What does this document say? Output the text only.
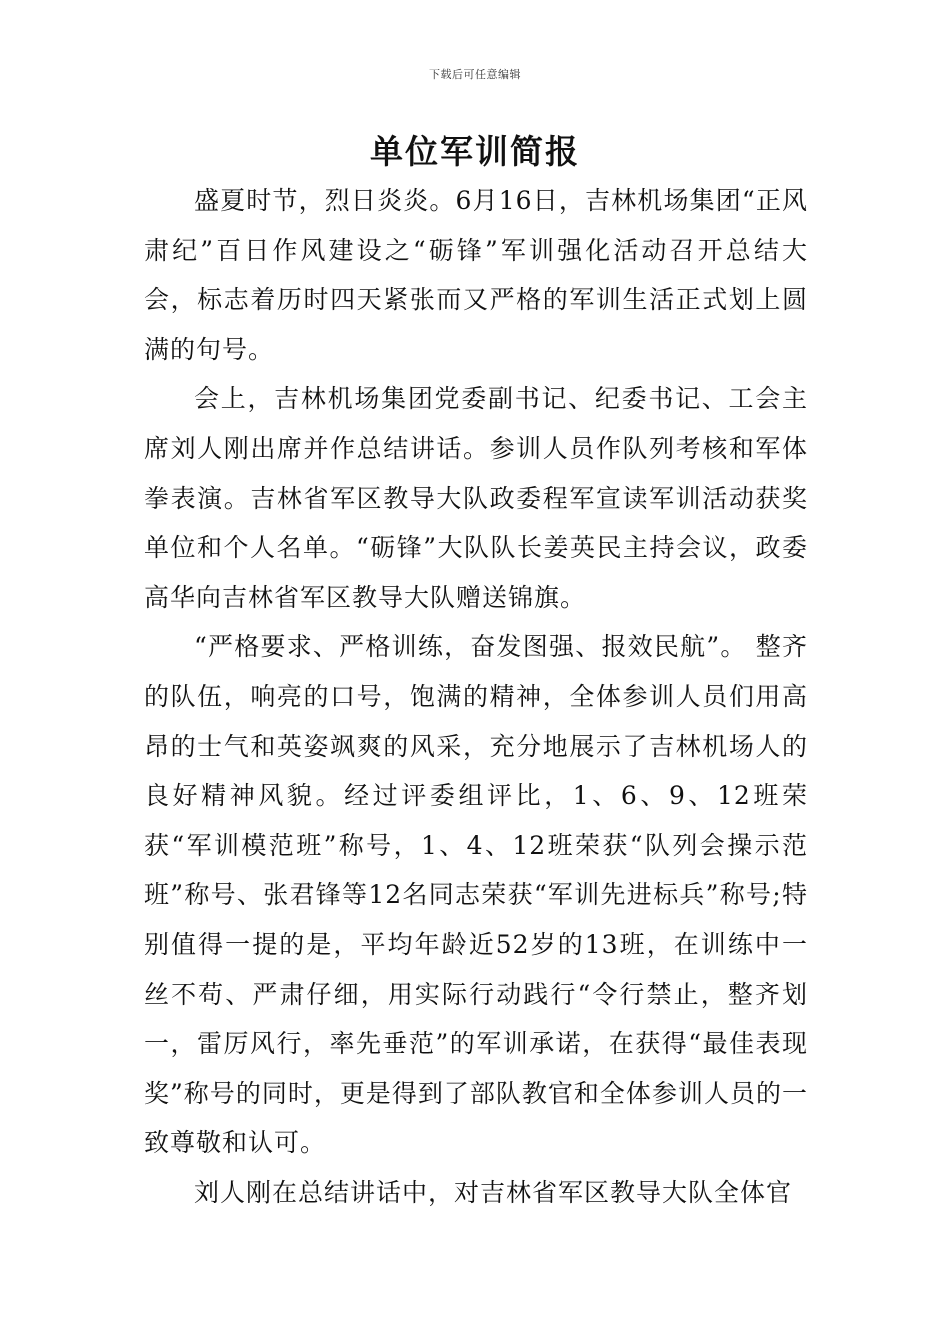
下载后可任意编辑
单位军训简报

盛夏时节，烈日炎炎。6月16日，吉林机场集团“正风肃纪”百日作风建设之“砺锋”军训强化活动召开总结大会，标志着历时四天紧张而又严格的军训生活正式划上圆满的句号。

会上，吉林机场集团党委副书记、纪委书记、工会主席刘人刚出席并作总结讲话。参训人员作队列考核和军体拳表演。吉林省军区教导大队政委程军宣读军训活动获奖单位和个人名单。“砺锋”大队队长姜英民主持会议，政委高华向吉林省军区教导大队赠送锦旗。

“严格要求、严格训练，奋发图强、报效民航”。 整齐的队伍，响亮的口号，饱满的精神，全体参训人员们用高昂的士气和英姿飒爽的风采，充分地展示了吉林机场人的良好精神风貌。经过评委组评比，1、6、9、12班荣获“军训模范班”称号，1、4、12班荣获“队列会操示范班”称号、张君锋等12名同志荣获“军训先进标兵”称号;特别值得一提的是，平均年龄近52岁的13班，在训练中一丝不苟、严肃仔细，用实际行动践行“令行禁止，整齐划一，雷厉风行，率先垂范”的军训承诺，在获得“最佳表现奖”称号的同时，更是得到了部队教官和全体参训人员的一致尊敬和认可。

刘人刚在总结讲话中，对吉林省军区教导大队全体官
